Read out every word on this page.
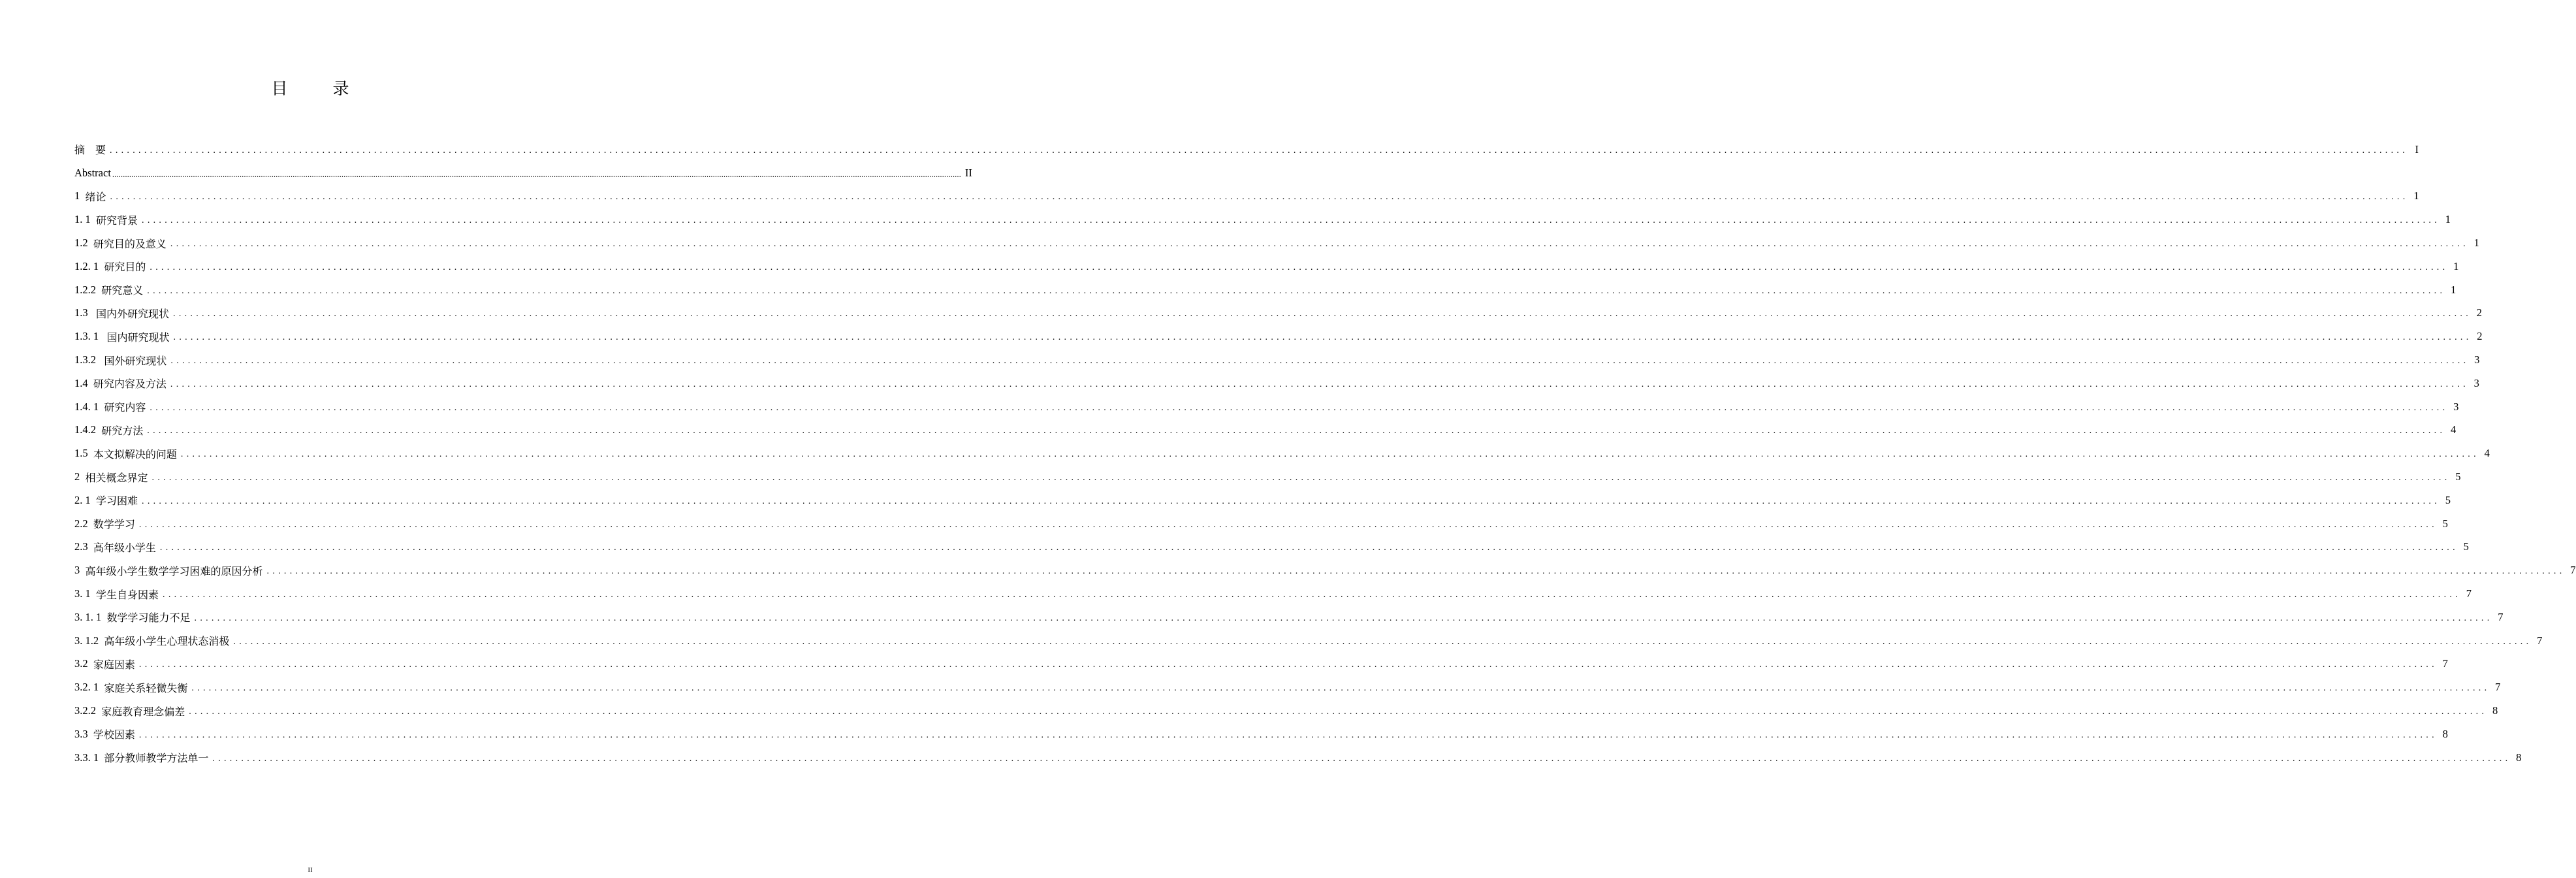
目　录
摘　要 ................................................................................................................................................................................................................................................................................................................................................................................................................ I
Abstract ................................................................................................................................................................................................................................................................................................................................................................................................................ II
1 绪论 ................................................................................................................................................................................................................................................................................................................................................................................................................ 1
1. 1 研究背景 ................................................................................................................................................................................................................................................................................................................................................................................................................ 1
1.2 研究目的及意义 ................................................................................................................................................................................................................................................................................................................................................................................................................ 1
1.2. 1 研究目的 ................................................................................................................................................................................................................................................................................................................................................................................................................ 1
1.2.2 研究意义 ................................................................................................................................................................................................................................................................................................................................................................................................................ 1
1.3 国内外研究现状 ................................................................................................................................................................................................................................................................................................................................................................................................................ 2
1.3. 1 国内研究现状 ................................................................................................................................................................................................................................................................................................................................................................................................................ 2
1.3.2 国外研究现状 ................................................................................................................................................................................................................................................................................................................................................................................................................ 3
1.4 研究内容及方法 ................................................................................................................................................................................................................................................................................................................................................................................................................ 3
1.4. 1 研究内容 ................................................................................................................................................................................................................................................................................................................................................................................................................ 3
1.4.2 研究方法 ................................................................................................................................................................................................................................................................................................................................................................................................................ 4
1.5 本文拟解决的问题 ................................................................................................................................................................................................................................................................................................................................................................................................................ 4
2 相关概念界定 ................................................................................................................................................................................................................................................................................................................................................................................................................ 5
2. 1 学习困难 ................................................................................................................................................................................................................................................................................................................................................................................................................ 5
2.2 数学学习 ................................................................................................................................................................................................................................................................................................................................................................................................................ 5
2.3 高年级小学生 ................................................................................................................................................................................................................................................................................................................................................................................................................ 5
3 高年级小学生数学学习困难的原因分析 ................................................................................................................................................................................................................................................................................................................................................................................................................ 7
3. 1 学生自身因素 ................................................................................................................................................................................................................................................................................................................................................................................................................ 7
3. 1. 1 数学学习能力不足 ................................................................................................................................................................................................................................................................................................................................................................................................................ 7
3. 1.2 高年级小学生心理状态消极 ................................................................................................................................................................................................................................................................................................................................................................................................................ 7
3.2 家庭因素 ................................................................................................................................................................................................................................................................................................................................................................................................................ 7
3.2. 1 家庭关系轻微失衡 ................................................................................................................................................................................................................................................................................................................................................................................................................ 7
3.2.2 家庭教育理念偏差 ................................................................................................................................................................................................................................................................................................................................................................................................................ 8
3.3 学校因素 ................................................................................................................................................................................................................................................................................................................................................................................................................ 8
3.3. 1 部分教师教学方法单一 ................................................................................................................................................................................................................................................................................................................................................................................................................ 8
II
